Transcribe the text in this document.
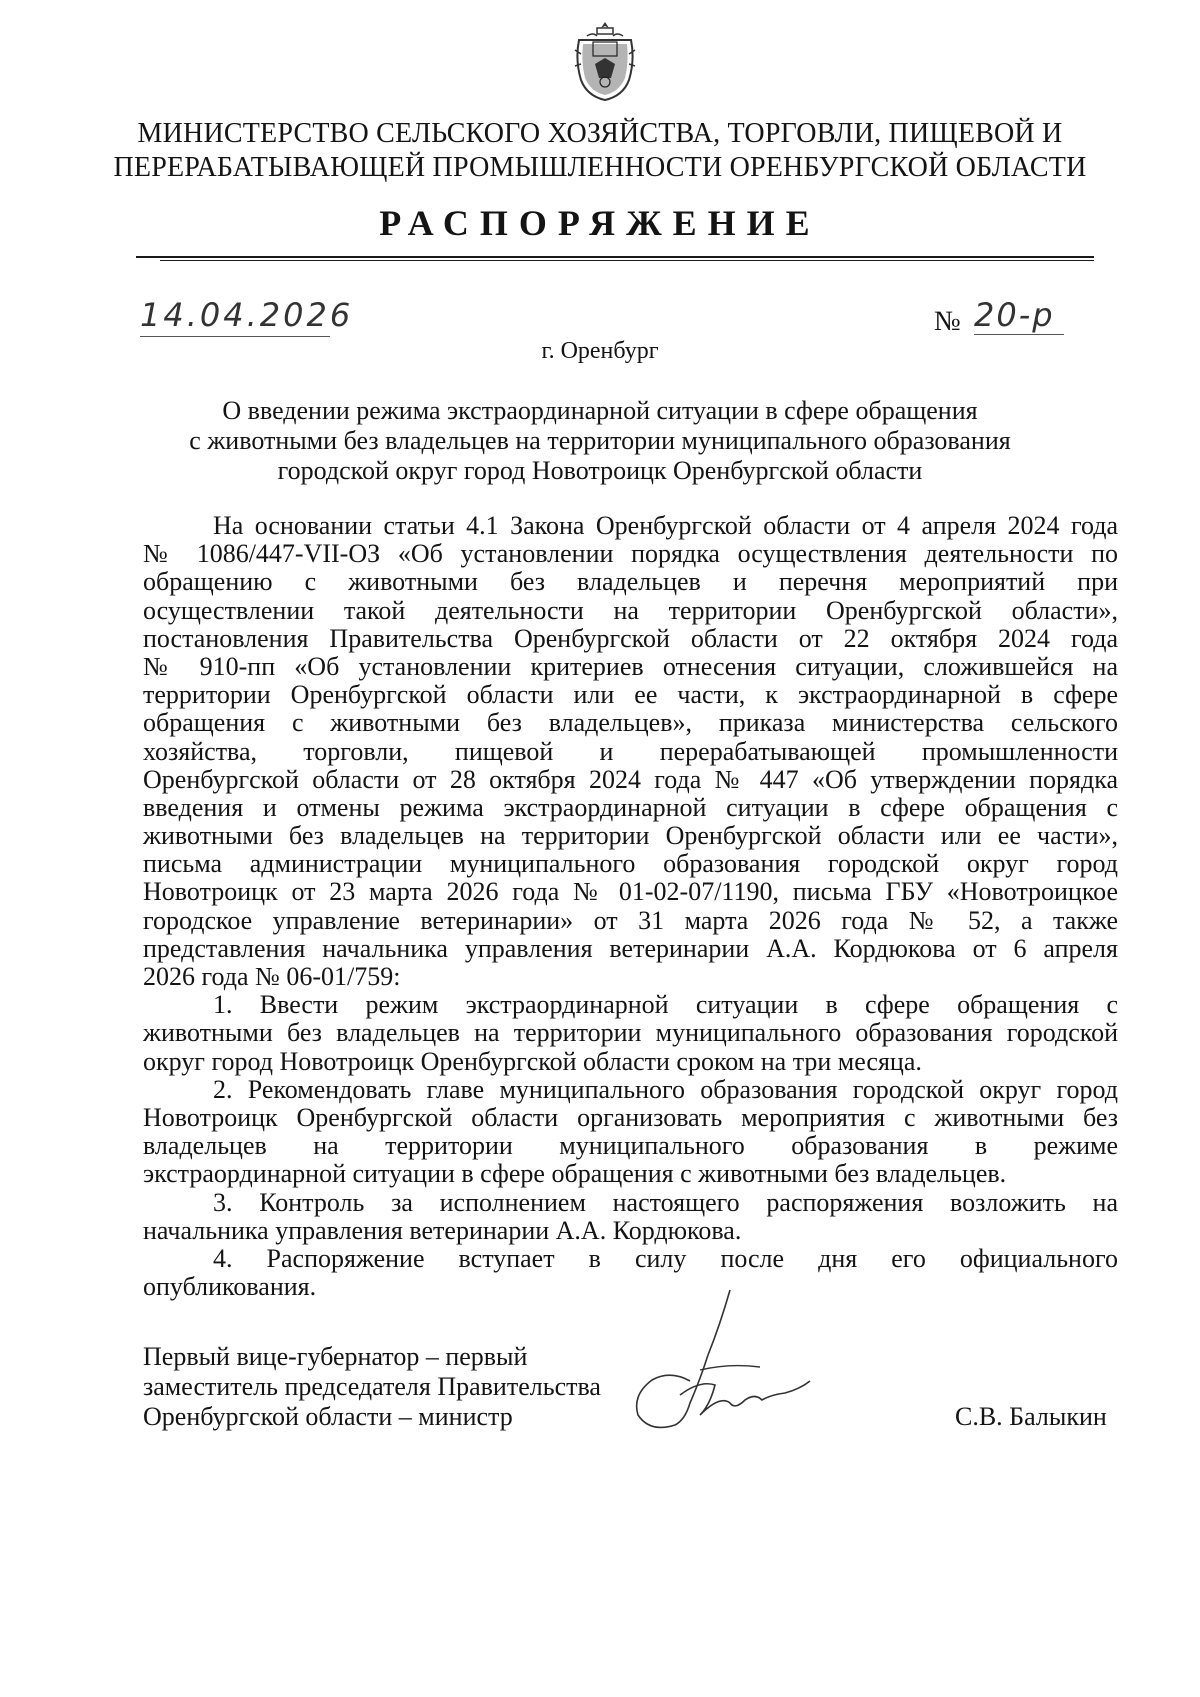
МИНИСТЕРСТВО СЕЛЬСКОГО ХОЗЯЙСТВА, ТОРГОВЛИ, ПИЩЕВОЙ И
ПЕРЕРАБАТЫВАЮЩЕЙ ПРОМЫШЛЕННОСТИ ОРЕНБУРГСКОЙ ОБЛАСТИ
РАСПОРЯЖЕНИЕ
14.04.2026	№ 20-р
г. Оренбург
О введении режима экстраординарной ситуации в сфере обращения
с животными без владельцев на территории муниципального образования
городской округ город Новотроицк Оренбургской области
На основании статьи 4.1 Закона Оренбургской области от 4 апреля 2024 года
№ 1086/447-VII-ОЗ «Об установлении порядка осуществления деятельности по
обращению с животными без владельцев и перечня мероприятий при
осуществлении такой деятельности на территории Оренбургской области»,
постановления Правительства Оренбургской области от 22 октября 2024 года
№ 910-пп «Об установлении критериев отнесения ситуации, сложившейся на
территории Оренбургской области или ее части, к экстраординарной в сфере
обращения с животными без владельцев», приказа министерства сельского
хозяйства, торговли, пищевой и перерабатывающей промышленности
Оренбургской области от 28 октября 2024 года № 447 «Об утверждении порядка
введения и отмены режима экстраординарной ситуации в сфере обращения с
животными без владельцев на территории Оренбургской области или ее части»,
письма администрации муниципального образования городской округ город
Новотроицк от 23 марта 2026 года № 01-02-07/1190, письма ГБУ «Новотроицкое
городское управление ветеринарии» от 31 марта 2026 года № 52, а также
представления начальника управления ветеринарии А.А. Кордюкова от 6 апреля
2026 года № 06-01/759:
1. Ввести режим экстраординарной ситуации в сфере обращения с
животными без владельцев на территории муниципального образования городской
округ город Новотроицк Оренбургской области сроком на три месяца.
2. Рекомендовать главе муниципального образования городской округ город
Новотроицк Оренбургской области организовать мероприятия с животными без
владельцев на территории муниципального образования в режиме
экстраординарной ситуации в сфере обращения с животными без владельцев.
3. Контроль за исполнением настоящего распоряжения возложить на
начальника управления ветеринарии А.А. Кордюкова.
4. Распоряжение вступает в силу после дня его официального
опубликования.
Первый вице-губернатор – первый
заместитель председателя Правительства
Оренбургской области – министр	С.В. Балыкин
